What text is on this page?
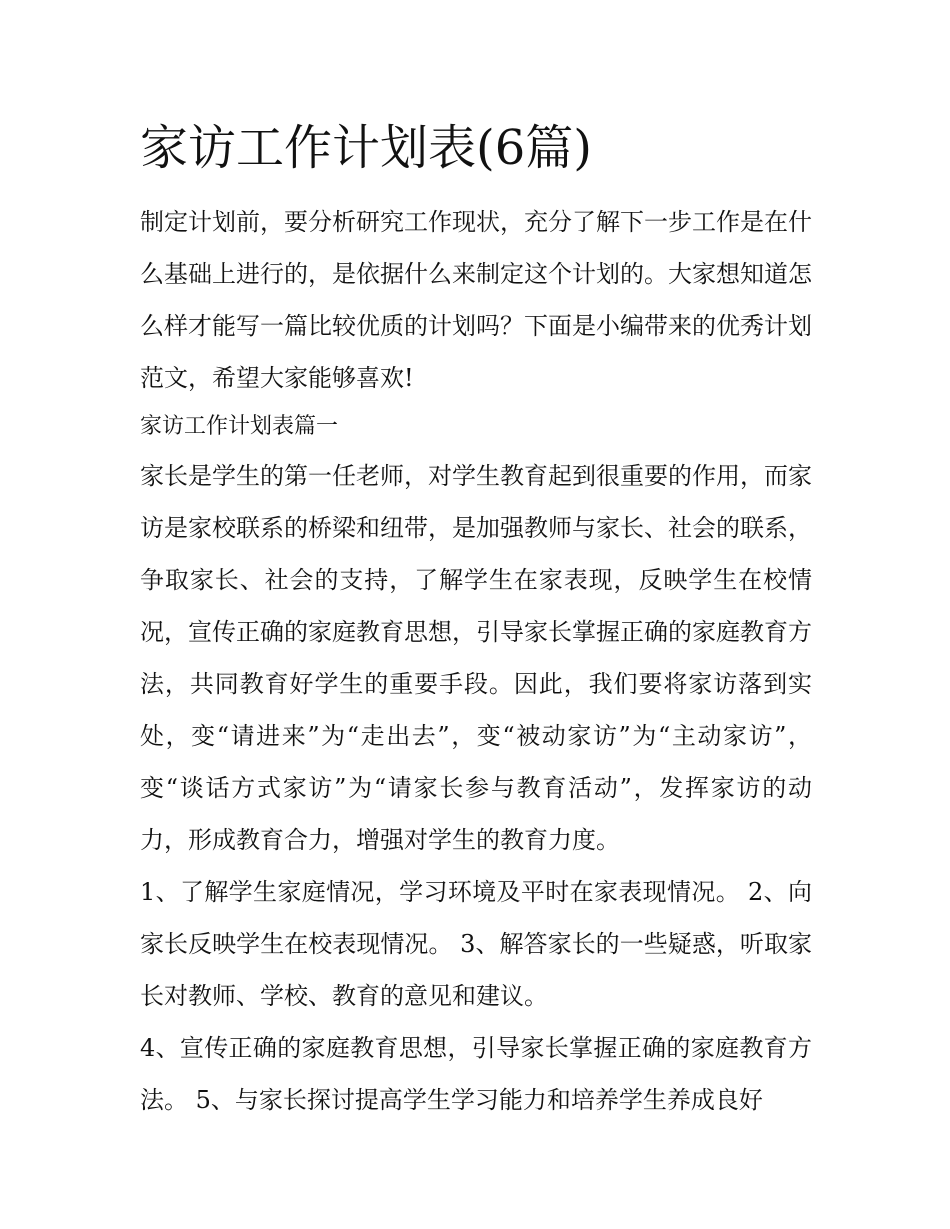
家访工作计划表(6篇)

制定计划前，要分析研究工作现状，充分了解下一步工作是在什么基础上进行的，是依据什么来制定这个计划的。大家想知道怎么样才能写一篇比较优质的计划吗？下面是小编带来的优秀计划范文，希望大家能够喜欢!

家访工作计划表篇一

家长是学生的第一任老师，对学生教育起到很重要的作用，而家访是家校联系的桥梁和纽带，是加强教师与家长、社会的联系，争取家长、社会的支持，了解学生在家表现，反映学生在校情况，宣传正确的家庭教育思想，引导家长掌握正确的家庭教育方法，共同教育好学生的重要手段。因此，我们要将家访落到实处，变“请进来”为“走出去”，变“被动家访”为“主动家访”，变“谈话方式家访”为“请家长参与教育活动”，发挥家访的动力，形成教育合力，增强对学生的教育力度。

1、了解学生家庭情况，学习环境及平时在家表现情况。 2、向家长反映学生在校表现情况。 3、解答家长的一些疑惑，听取家长对教师、学校、教育的意见和建议。

4、宣传正确的家庭教育思想，引导家长掌握正确的家庭教育方法。 5、与家长探讨提高学生学习能力和培养学生养成良好
